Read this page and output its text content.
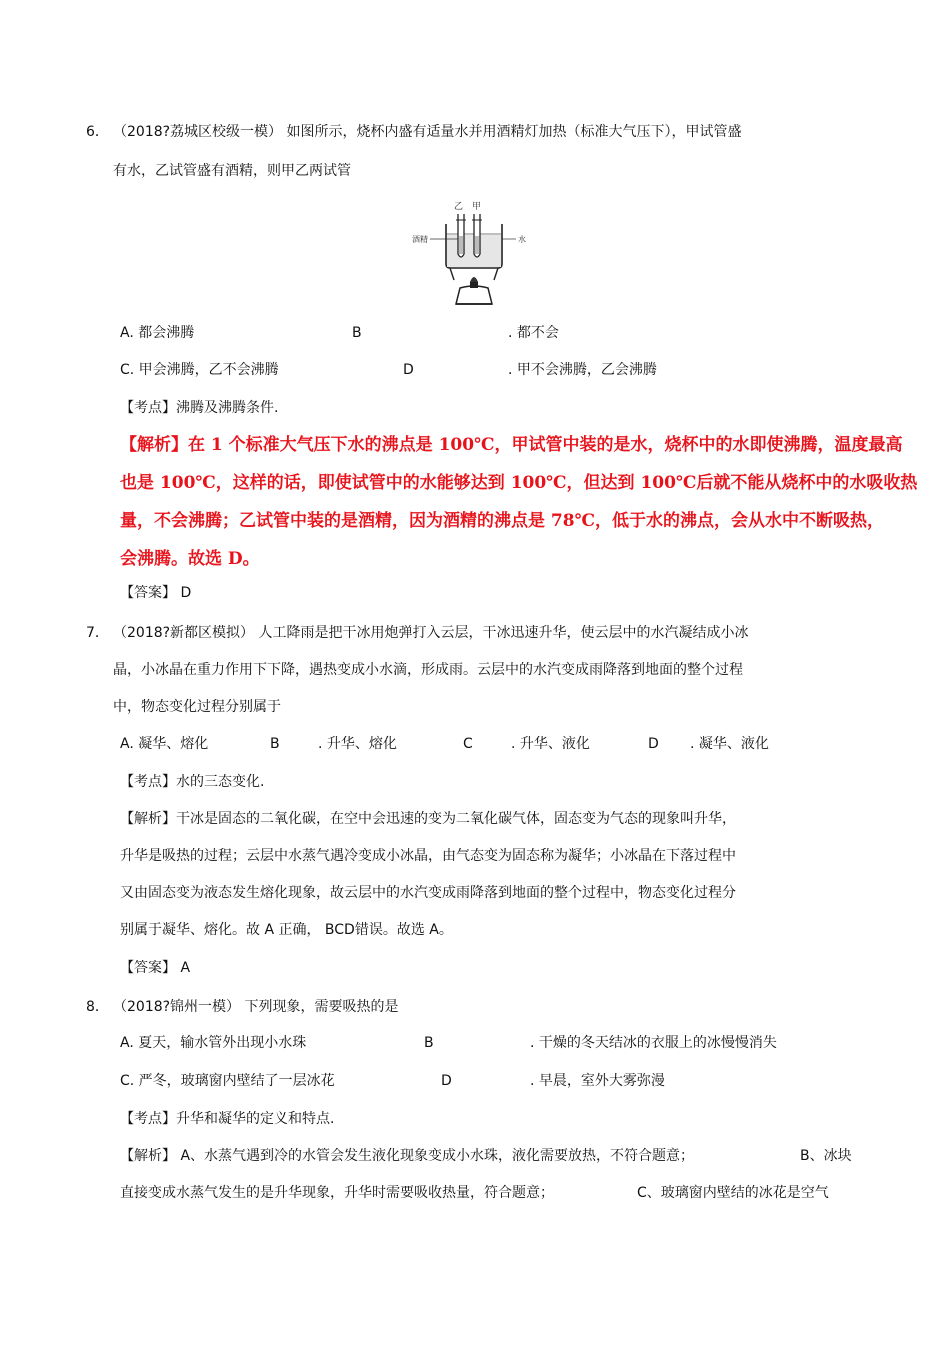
6． （2018?荔城区校级一模） 如图所示，烧杯内盛有适量水并用酒精灯加热（标准大气压下），甲试管盛
有水，乙试管盛有酒精，则甲乙两试管
乙 甲
酒精	水
A. 都会沸腾	B	. 都不会
C. 甲会沸腾，乙不会沸腾	D	. 甲不会沸腾，乙会沸腾
【考点】沸腾及沸腾条件.
【解析】在 1 个标准大气压下水的沸点是 100℃，甲试管中装的是水，烧杯中的水即使沸腾，温度最高
也是 100℃，这样的话，即使试管中的水能够达到 100℃，但达到 100℃后就不能从烧杯中的水吸收热
量，不会沸腾；乙试管中装的是酒精，因为酒精的沸点是 78℃，低于水的沸点，会从水中不断吸热，
会沸腾。故选 D。
【答案】 D
7． （2018?新都区模拟） 人工降雨是把干冰用炮弹打入云层，干冰迅速升华，使云层中的水汽凝结成小冰
晶，小冰晶在重力作用下下降，遇热变成小水滴，形成雨。云层中的水汽变成雨降落到地面的整个过程
中，物态变化过程分别属于
A. 凝华、熔化	B	. 升华、熔化	C	. 升华、液化	D . 凝华、液化
【考点】水的三态变化.
【解析】干冰是固态的二氧化碳，在空中会迅速的变为二氧化碳气体，固态变为气态的现象叫升华，
升华是吸热的过程；云层中水蒸气遇冷变成小冰晶，由气态变为固态称为凝华；小冰晶在下落过程中
又由固态变为液态发生熔化现象，故云层中的水汽变成雨降落到地面的整个过程中，物态变化过程分
别属于凝华、熔化。故 A 正确， BCD错误。故选 A。
【答案】 A
8． （2018?锦州一模） 下列现象，需要吸热的是
A. 夏天，输水管外出现小水珠	B	. 干燥的冬天结冰的衣服上的冰慢慢消失
C. 严冬，玻璃窗内壁结了一层冰花	D	. 早晨，室外大雾弥漫
【考点】升华和凝华的定义和特点.
【解析】 A、水蒸气遇到冷的水管会发生液化现象变成小水珠，液化需要放热，不符合题意；	B、冰块
直接变成水蒸气发生的是升华现象，升华时需要吸收热量，符合题意；	C、玻璃窗内壁结的冰花是空气
